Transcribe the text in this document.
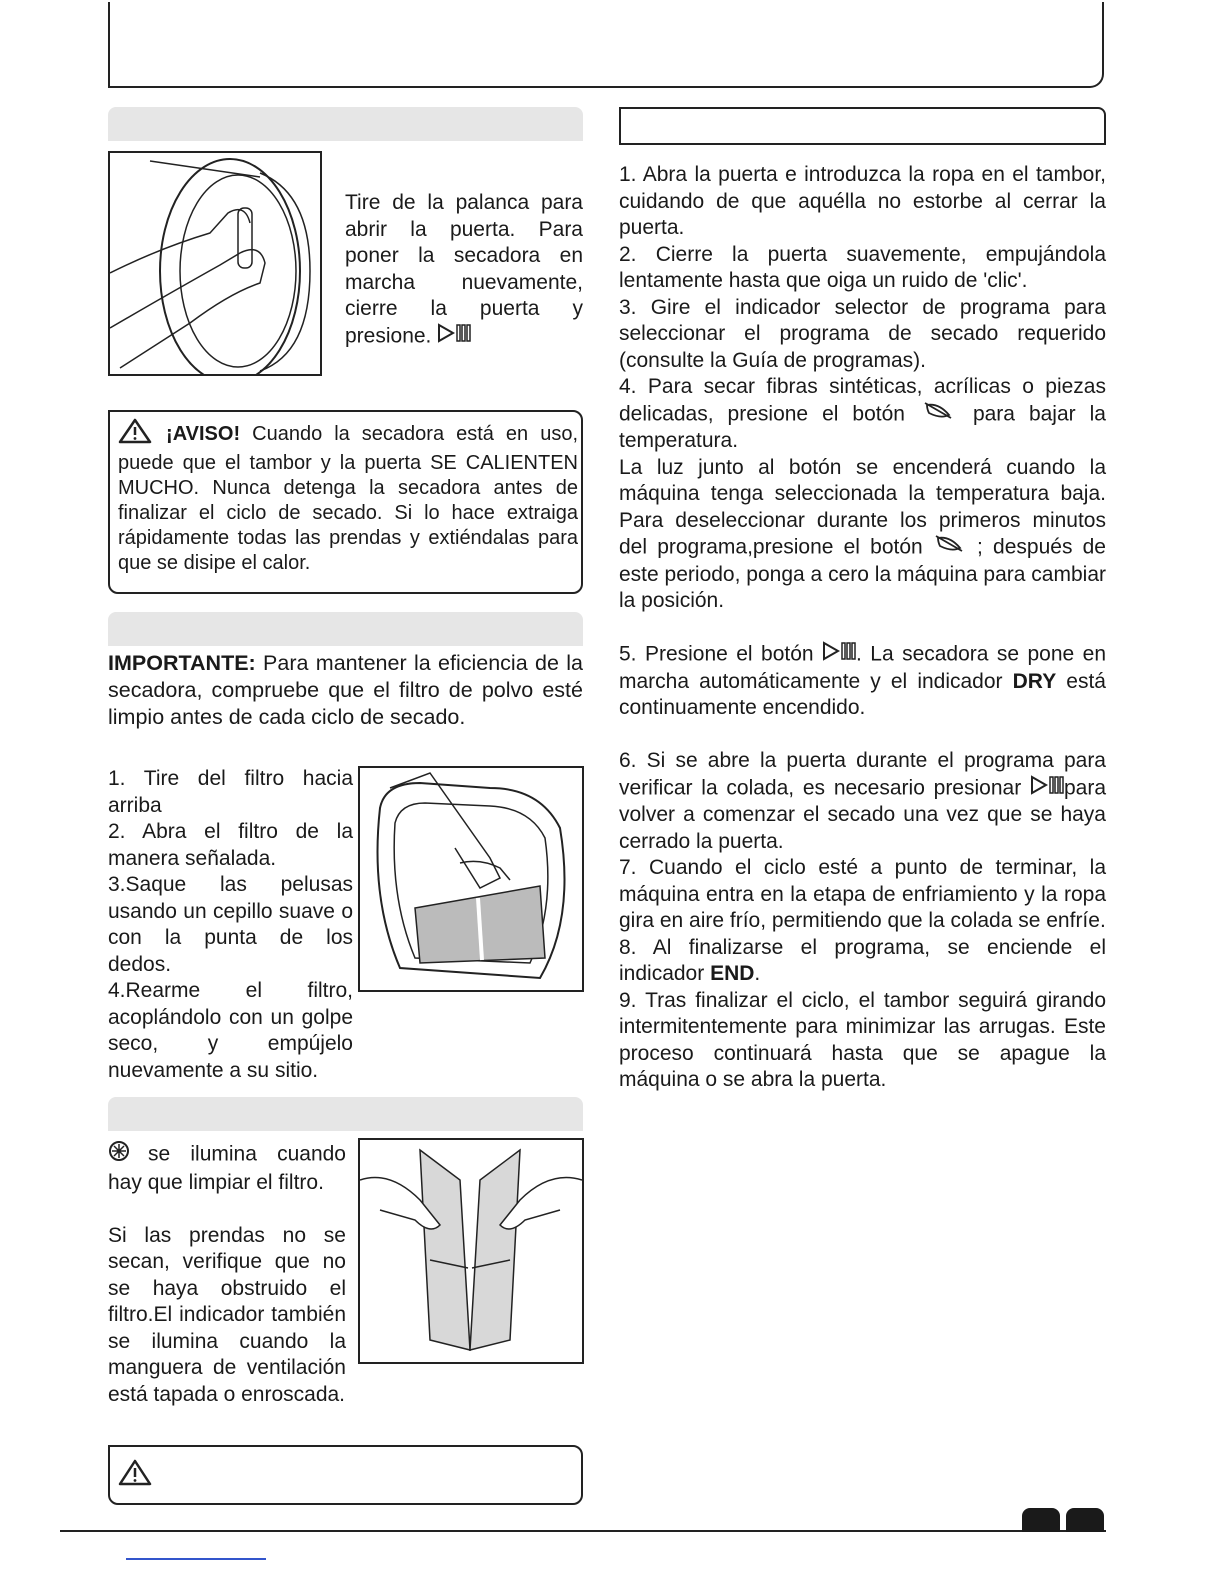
Tire de la palanca para abrir la puerta. Para poner la secadora en marcha nuevamente, cierre la puerta y presione.
¡AVISO! Cuando la secadora está en uso, puede que el tambor y la puerta SE CALIENTEN MUCHO. Nunca detenga la secadora antes de finalizar el ciclo de secado. Si lo hace extraiga rápidamente todas las prendas y extiéndalas para que se disipe el calor.
IMPORTANTE: Para mantener la eficiencia de la secadora, compruebe que el filtro de polvo esté limpio antes de cada ciclo de secado.

1. Tire del filtro hacia arriba

2. Abra el filtro de la manera señalada.

3.Saque las pelusas usando un cepillo suave o con la punta de los dedos.

4.Rearme el filtro, acoplándolo con un golpe seco, y empújelo nuevamente a su sitio.

se ilumina cuando hay que limpiar el filtro.

Si las prendas no se secan, verifique que no se haya obstruido el filtro.El indicador también se ilumina cuando la manguera de ventilación está tapada o enroscada.

1. Abra la puerta e introduzca la ropa en el tambor, cuidando de que aquélla no estorbe al cerrar la puerta.

2. Cierre la puerta suavemente, empujándola lentamente hasta que oiga un ruido de 'clic'.

3. Gire el indicador selector de programa para seleccionar el programa de secado requerido (consulte la Guía de programas).

4. Para secar fibras sintéticas, acrílicas o piezas delicadas, presione el botón	para bajar la temperatura.

La luz junto al botón se encenderá cuando la máquina tenga seleccionada la temperatura baja. Para deseleccionar durante los primeros minutos del programa,presione el botón	; después de este periodo, ponga a cero la máquina para cambiar la posición.

5. Presione el botón . La secadora se pone en marcha automáticamente y el indicador DRY está continuamente encendido.

6. Si se abre la puerta durante el programa para verificar la colada, es necesario presionar para volver a comenzar el secado una vez que se haya cerrado la puerta.

7. Cuando el ciclo esté a punto de terminar, la máquina entra en la etapa de enfriamiento y la ropa gira en aire frío, permitiendo que la colada se enfríe.

8. Al finalizarse el programa, se enciende el indicador END.

9. Tras finalizar el ciclo, el tambor seguirá girando intermitentemente para minimizar las arrugas. Este proceso continuará hasta que se apague la máquina o se abra la puerta.
